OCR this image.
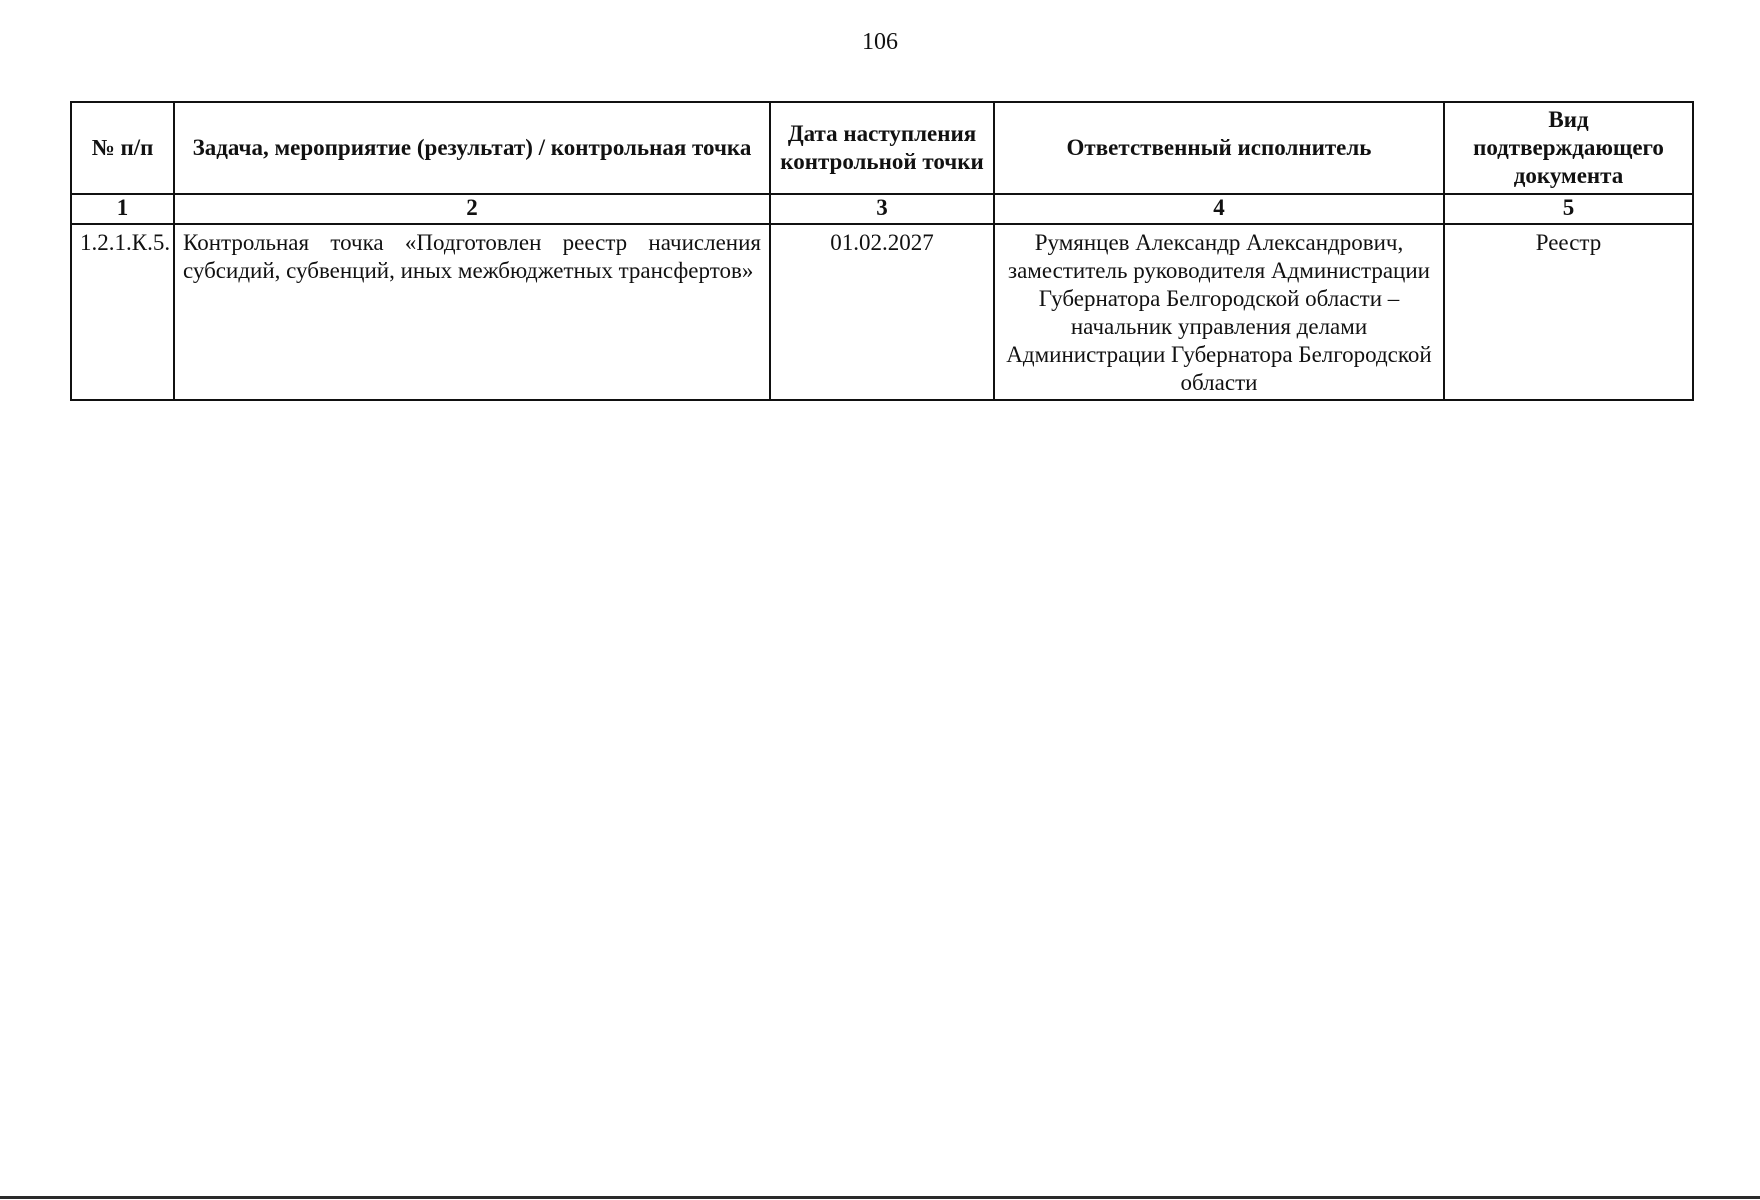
106
№ п/п	Задача, мероприятие (результат) / контрольная точка	Дата наступления контрольной точки	Ответственный исполнитель	Вид подтверждающего документа
1	2	3	4	5
1.2.1.К.5.	Контрольная точка «Подготовлен реестр начисления субсидий, субвенций, иных межбюджетных трансфертов»	01.02.2027	Румянцев Александр Александрович, заместитель руководителя Администрации Губернатора Белгородской области – начальник управления делами Администрации Губернатора Белгородской области	Реестр
